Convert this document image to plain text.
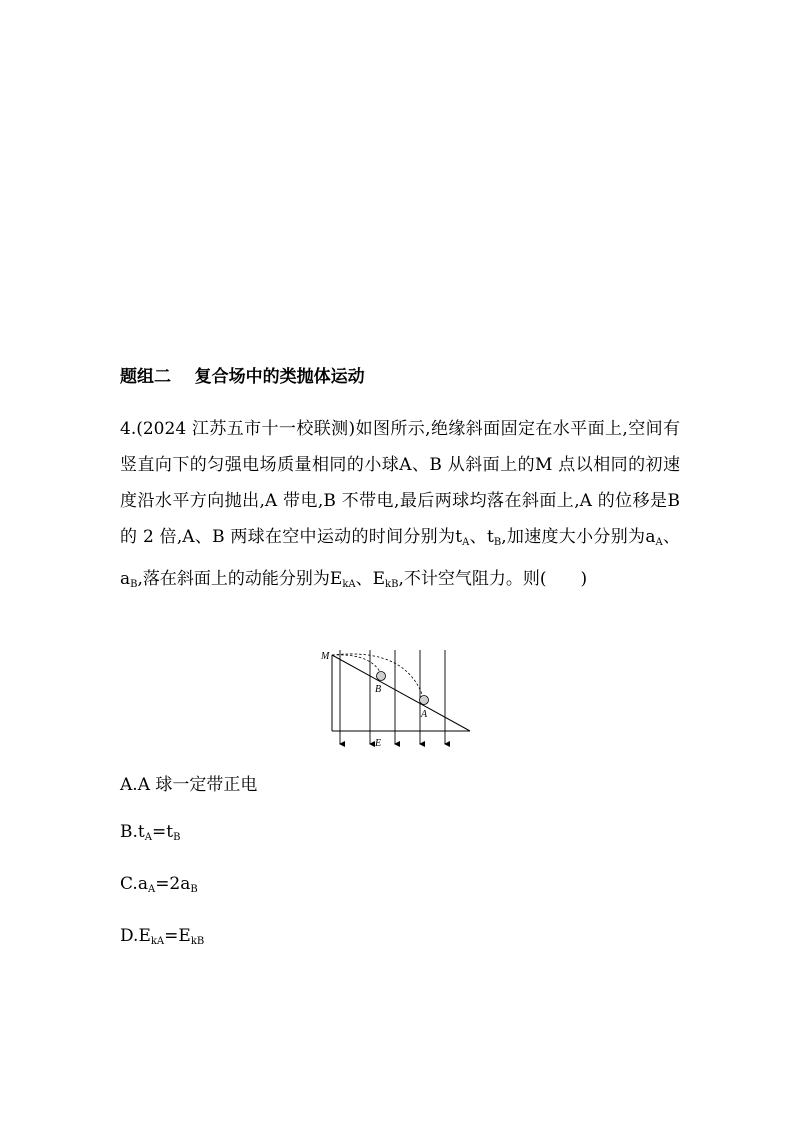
题组二    复合场中的类抛体运动

4.(2024 江苏五市十一校联测)如图所示,绝缘斜面固定在水平面上,空间有竖直向下的匀强电场质量相同的小球A、B 从斜面上的M 点以相同的初速度沿水平方向抛出,A 带电,B 不带电,最后两球均落在斜面上,A 的位移是B 的 2 倍,A、B 两球在空中运动的时间分别为$t_A$、$t_B$,加速度大小分别为$a_A$、$a_B$,落在斜面上的动能分别为$E_{kA}$、$E_{kB}$,不计空气阻力。则(　　)

M
B
A
E
A.A 球一定带正电
$B.t_A=t_B$
$C.a_A=2a_B$
$D.E_{kA}=E_{kB}$
